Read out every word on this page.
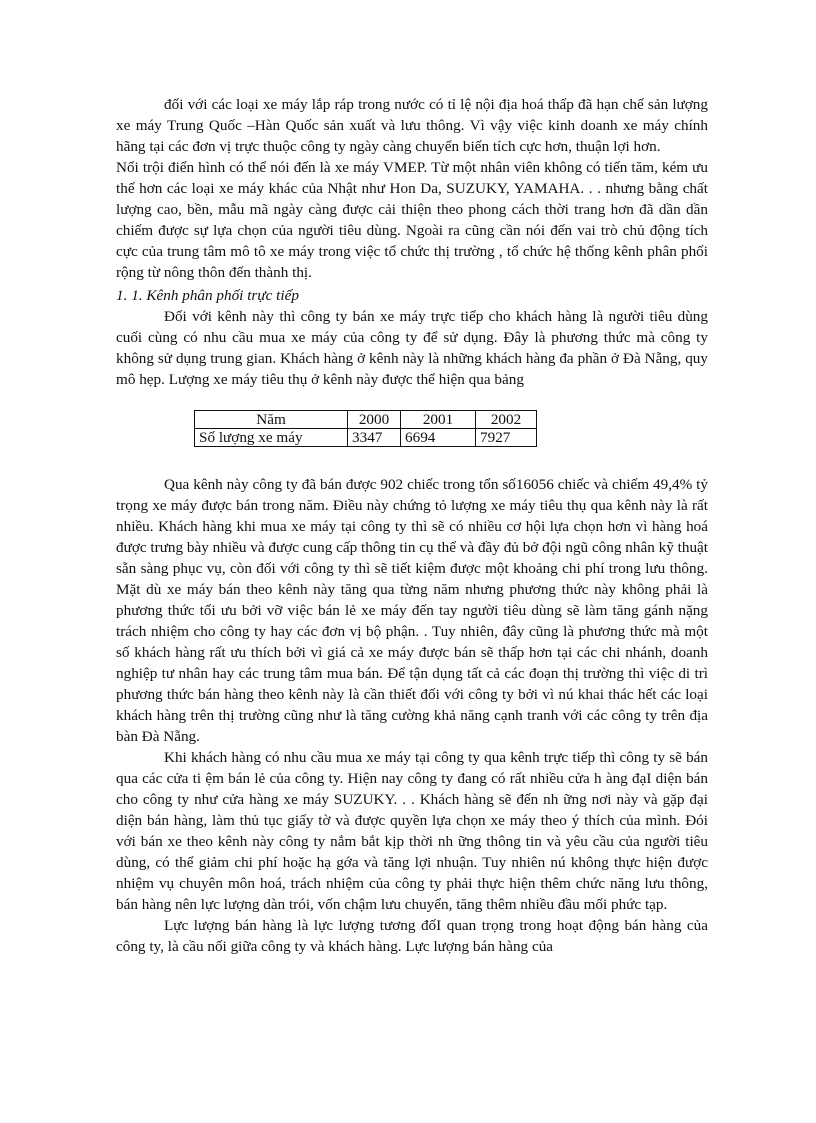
đối với các loại xe máy lắp ráp trong nước có tỉ lệ nội địa hoá thấp đã hạn chế sản lượng xe máy Trung Quốc –Hàn Quốc sản xuất và lưu thông. Vì vậy việc kinh doanh xe máy chính hãng tại các đơn vị trực thuộc công ty ngày càng chuyển biến tích cực hơn, thuận lợi hơn.

Nổi trội điển hình có thể nói đến là xe máy VMEP. Từ một nhân viên không có tiến tăm, kém ưu thế hơn các loại xe máy khác của Nhật như Hon Da, SUZUKY, YAMAHA. . . nhưng bằng chất lượng cao, bền, mẫu mã ngày càng được cải thiện theo phong cách thời trang hơn đã dần dần chiếm được sự lựa chọn của người tiêu dùng. Ngoài ra cũng cần nói đến vai trò chủ động tích cực của trung tâm mô tô xe máy trong việc tổ chức thị trường , tổ chức hệ thống kênh phân phối rộng từ nông thôn đến thành thị.

1. 1. Kênh phân phối trực tiếp

Đối với kênh này thì công ty bán xe máy trực tiếp cho khách hàng là người tiêu dùng cuối cùng có nhu cầu mua xe máy của công ty để sử dụng. Đây là phương thức mà công ty không sử dụng trung gian. Khách hàng ở kênh này là những khách hàng đa phần ở Đà Nẵng, quy mô hẹp. Lượng xe máy tiêu thụ ở kênh này được thể hiện qua bảng

Năm	2000	2001	2002
Số lượng xe máy	3347	6694	7927

Qua kênh này công ty đã bán được 902 chiếc trong tổn số16056 chiếc và chiếm 49,4% tỷ trọng xe máy được bán trong năm. Điều này chứng tỏ lượng xe máy tiêu thụ qua kênh này là rất nhiều. Khách hàng khi mua xe máy tại công ty thì sẽ có nhiều cơ hội lựa chọn hơn vì hàng hoá được trưng bày nhiều và được cung cấp thông tin cụ thể và đầy đủ bở đội ngũ công nhân kỹ thuật sẵn sàng phục vụ, còn đối với công ty thì sẽ tiết kiệm được một khoảng chi phí trong lưu thông. Mặt dù xe máy bán theo kênh này tăng qua từng năm nhưng phương thức này không phải là phương thức tối ưu bởi vỡ việc bán lẻ xe máy đến tay người tiêu dùng sẽ làm tăng gánh nặng trách nhiệm cho công ty hay các đơn vị bộ phận. . Tuy nhiên, đây cũng là phương thức mà một số khách hàng rất ưu thích bởi vì giá cả xe máy được bán sẽ thấp hơn tại các chi nhánh, doanh nghiệp tư nhân hay các trung tâm mua bán. Để tận dụng tất cả các đoạn thị trường thì việc di trì phương thức bán hàng theo kênh này là cần thiết đối với công ty bởi vì nú khai thác hết các loại khách hàng trên thị trường cũng như là tăng cường khả năng cạnh tranh với các công ty trên địa bàn Đà Nẵng.

Khi khách hàng có nhu cầu mua xe máy tại công ty qua kênh trực tiếp thì công ty sẽ bán qua các cửa ti ệm bán lẻ của công ty. Hiện nay công ty đang có rất nhiều cửa h àng đạI diện bán cho công ty như cửa hàng xe máy SUZUKY. . . Khách hàng sẽ đến nh ững nơi này và gặp đại diện bán hàng, làm thủ tục giấy tờ và được quyền lựa chọn xe máy theo ý thích của mình. Đói với bán xe theo kênh này công ty nắm bắt kịp thời nh ững thông tin và yêu cầu của người tiêu dùng, có thể giảm chi phí hoặc hạ gớa và tăng lợi nhuận. Tuy nhiên nú không thực hiện được nhiệm vụ chuyên môn hoá, trách nhiệm của công ty phải thực hiện thêm chức năng lưu thông, bán hàng nên lực lượng dàn trói, vốn chậm lưu chuyển, tăng thêm nhiều đầu mối phức tạp.

Lực lượng bán hàng là lực lượng tương đốI quan trọng trong hoạt động bán hàng của công ty, là cầu nối giữa công ty và khách hàng. Lực lượng bán hàng của
